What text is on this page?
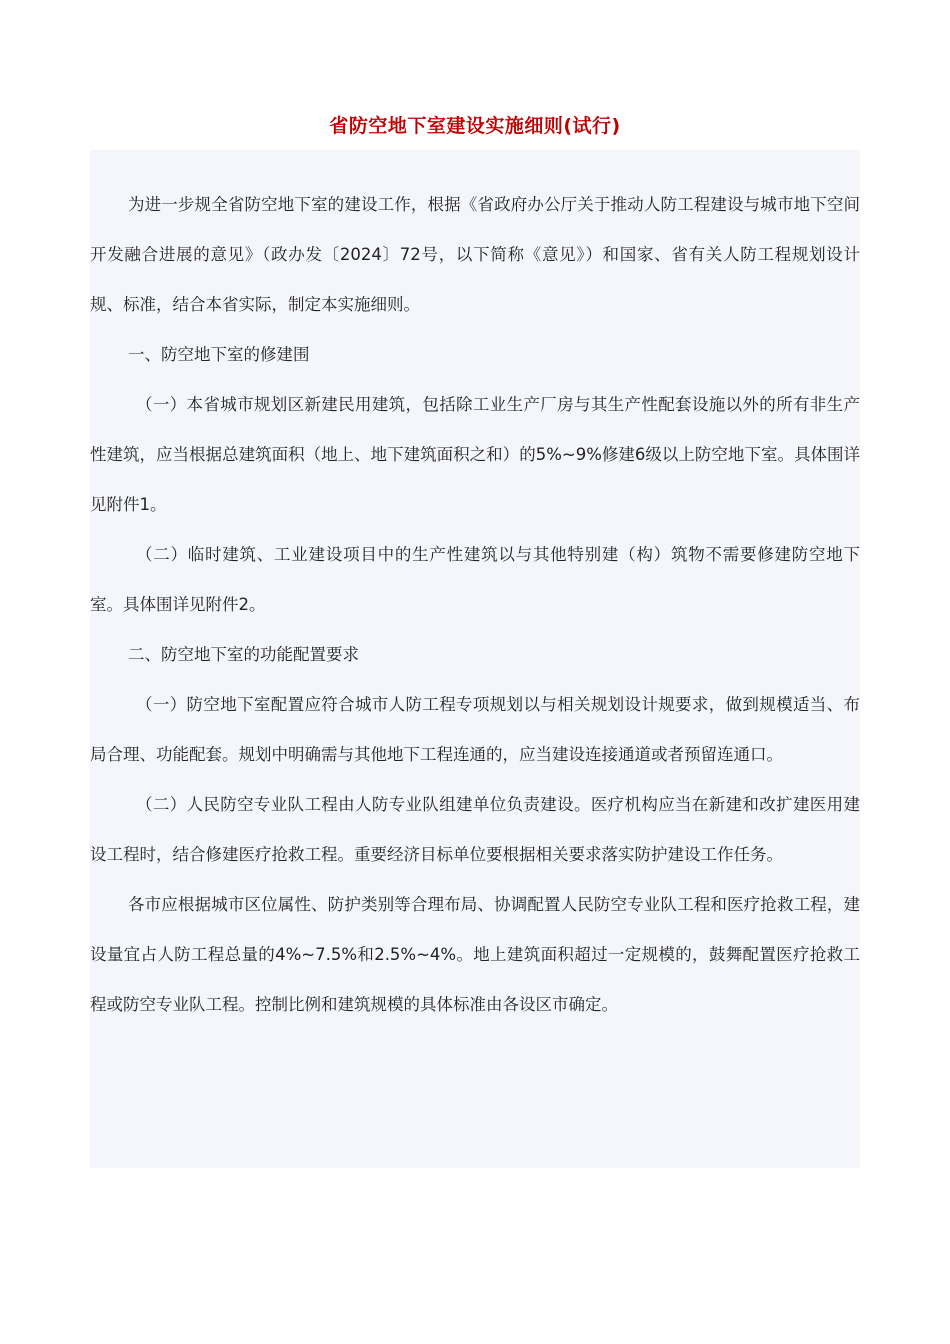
省防空地下室建设实施细则(试行)

为进一步规全省防空地下室的建设工作，根据《省政府办公厅关于推动人防工程建设与城市地下空间开发融合进展的意见》（政办发〔2024〕72号，以下简称《意见》）和国家、省有关人防工程规划设计规、标准，结合本省实际，制定本实施细则。

一、防空地下室的修建围

（一）本省城市规划区新建民用建筑，包括除工业生产厂房与其生产性配套设施以外的所有非生产性建筑，应当根据总建筑面积（地上、地下建筑面积之和）的5%~9%修建6级以上防空地下室。具体围详见附件1。

（二）临时建筑、工业建设项目中的生产性建筑以与其他特别建（构）筑物不需要修建防空地下室。具体围详见附件2。

二、防空地下室的功能配置要求

（一）防空地下室配置应符合城市人防工程专项规划以与相关规划设计规要求，做到规模适当、布局合理、功能配套。规划中明确需与其他地下工程连通的，应当建设连接通道或者预留连通口。

（二）人民防空专业队工程由人防专业队组建单位负责建设。医疗机构应当在新建和改扩建医用建设工程时，结合修建医疗抢救工程。重要经济目标单位要根据相关要求落实防护建设工作任务。

各市应根据城市区位属性、防护类别等合理布局、协调配置人民防空专业队工程和医疗抢救工程，建设量宜占人防工程总量的4%~7.5%和2.5%~4%。地上建筑面积超过一定规模的，鼓舞配置医疗抢救工程或防空专业队工程。控制比例和建筑规模的具体标准由各设区市确定。
